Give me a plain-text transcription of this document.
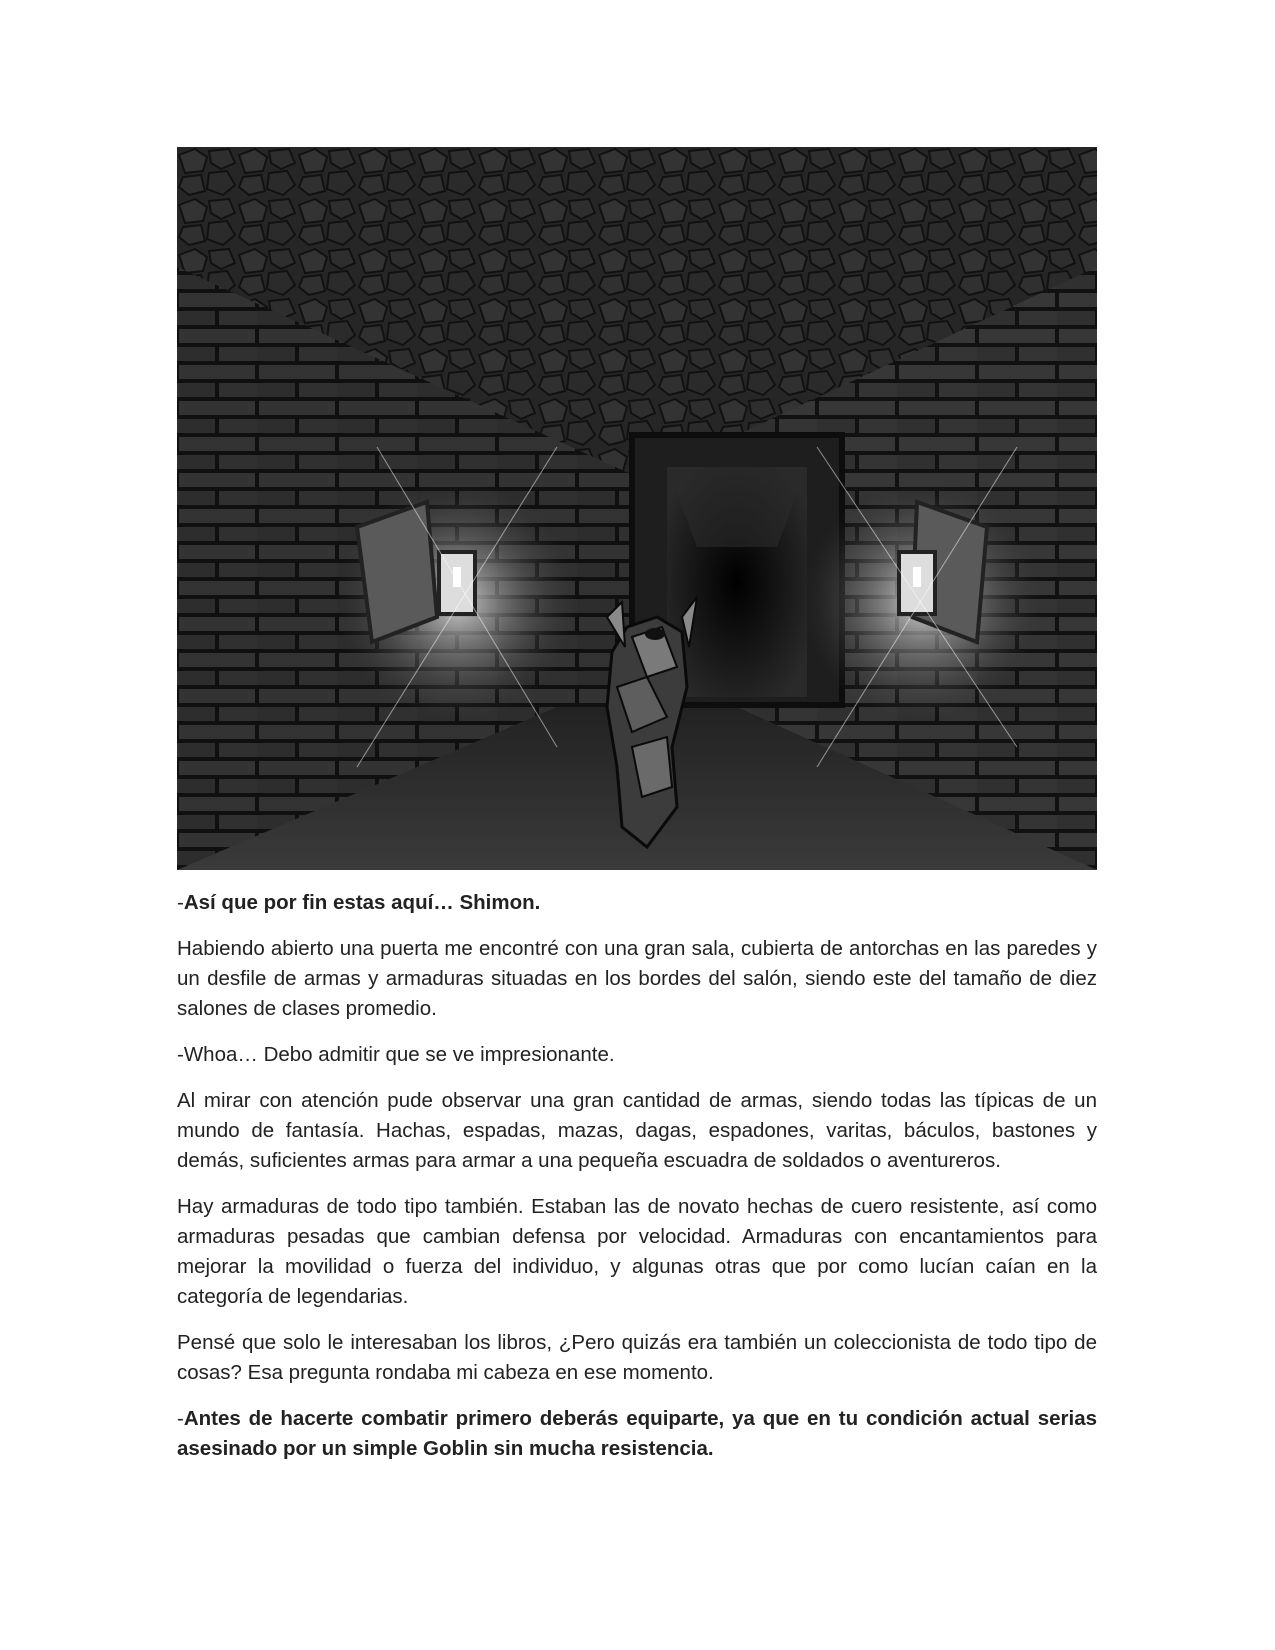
-Así que por fin estas aquí… Shimon.

Habiendo abierto una puerta me encontré con una gran sala, cubierta de antorchas en las paredes y un desfile de armas y armaduras situadas en los bordes del salón, siendo este del tamaño de diez salones de clases promedio.

-Whoa… Debo admitir que se ve impresionante.

Al mirar con atención pude observar una gran cantidad de armas, siendo todas las típicas de un mundo de fantasía. Hachas, espadas, mazas, dagas, espadones, varitas, báculos, bastones y demás, suficientes armas para armar a una pequeña escuadra de soldados o aventureros.

Hay armaduras de todo tipo también. Estaban las de novato hechas de cuero resistente, así como armaduras pesadas que cambian defensa por velocidad. Armaduras con encantamientos para mejorar la movilidad o fuerza del individuo, y algunas otras que por como lucían caían en la categoría de legendarias.

Pensé que solo le interesaban los libros, ¿Pero quizás era también un coleccionista de todo tipo de cosas? Esa pregunta rondaba mi cabeza en ese momento.

-Antes de hacerte combatir primero deberás equiparte, ya que en tu condición actual serias asesinado por un simple Goblin sin mucha resistencia.
